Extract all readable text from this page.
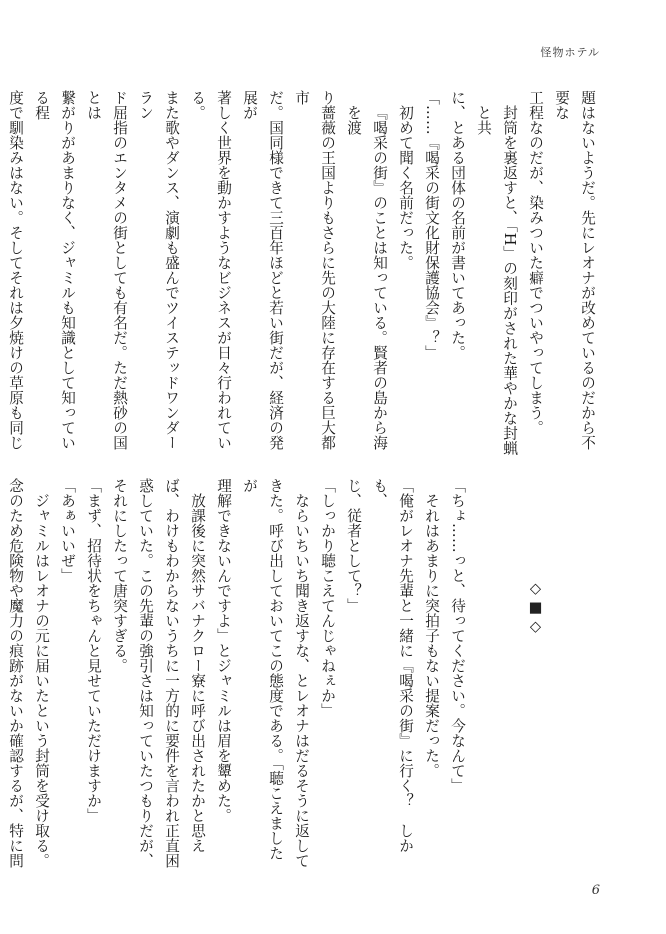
怪物ホテル

題はないようだ。先にレオナが改めているのだから不要な

工程なのだが、染みついた癖でついやってしまう。

封筒を裏返すと、「H」の刻印がされた華やかな封蝋と共

に、とある団体の名前が書いてあった。

「……『喝采の街文化財保護協会』？」

初めて聞く名前だった。

『喝采の街』のことは知っている。賢者の島から海を渡

り薔薇の王国よりもさらに先の大陸に存在する巨大都市

だ。国同様できて三百年ほどと若い街だが、経済の発展が

著しく世界を動かすようなビジネスが日々行われている。

また歌やダンス、演劇も盛んでツイステッドワンダーラン

ド屈指のエンタメの街としても有名だ。ただ熱砂の国とは

繋がりがあまりなく、ジャミルも知識として知っている程

度で馴染みはない。そしてそれは夕焼けの草原も同じ

◇■◇

「ちょ……っと、待ってください。今なんて」

それはあまりに突拍子もない提案だった。

「俺がレオナ先輩と一緒に『喝采の街』に行く？　しかも、

じ、従者として？」

「しっかり聴こえてんじゃねぇか」

ならいちいち聞き返すな、とレオナはだるそうに返して

きた。呼び出しておいてこの態度である。「聴こえましたが

理解できないんですよ」とジャミルは眉を顰めた。

放課後に突然サバナクロー寮に呼び出されたかと思え

ば、わけもわからないうちに一方的に要件を言われ正直困

惑していた。この先輩の強引さは知っていたつもりだが、

それにしたって唐突すぎる。

「まず、招待状をちゃんと見せていただけますか」

「あぁいいぜ」

ジャミルはレオナの元に届いたという封筒を受け取る。

念のため危険物や魔力の痕跡がないか確認するが、特に問

6
